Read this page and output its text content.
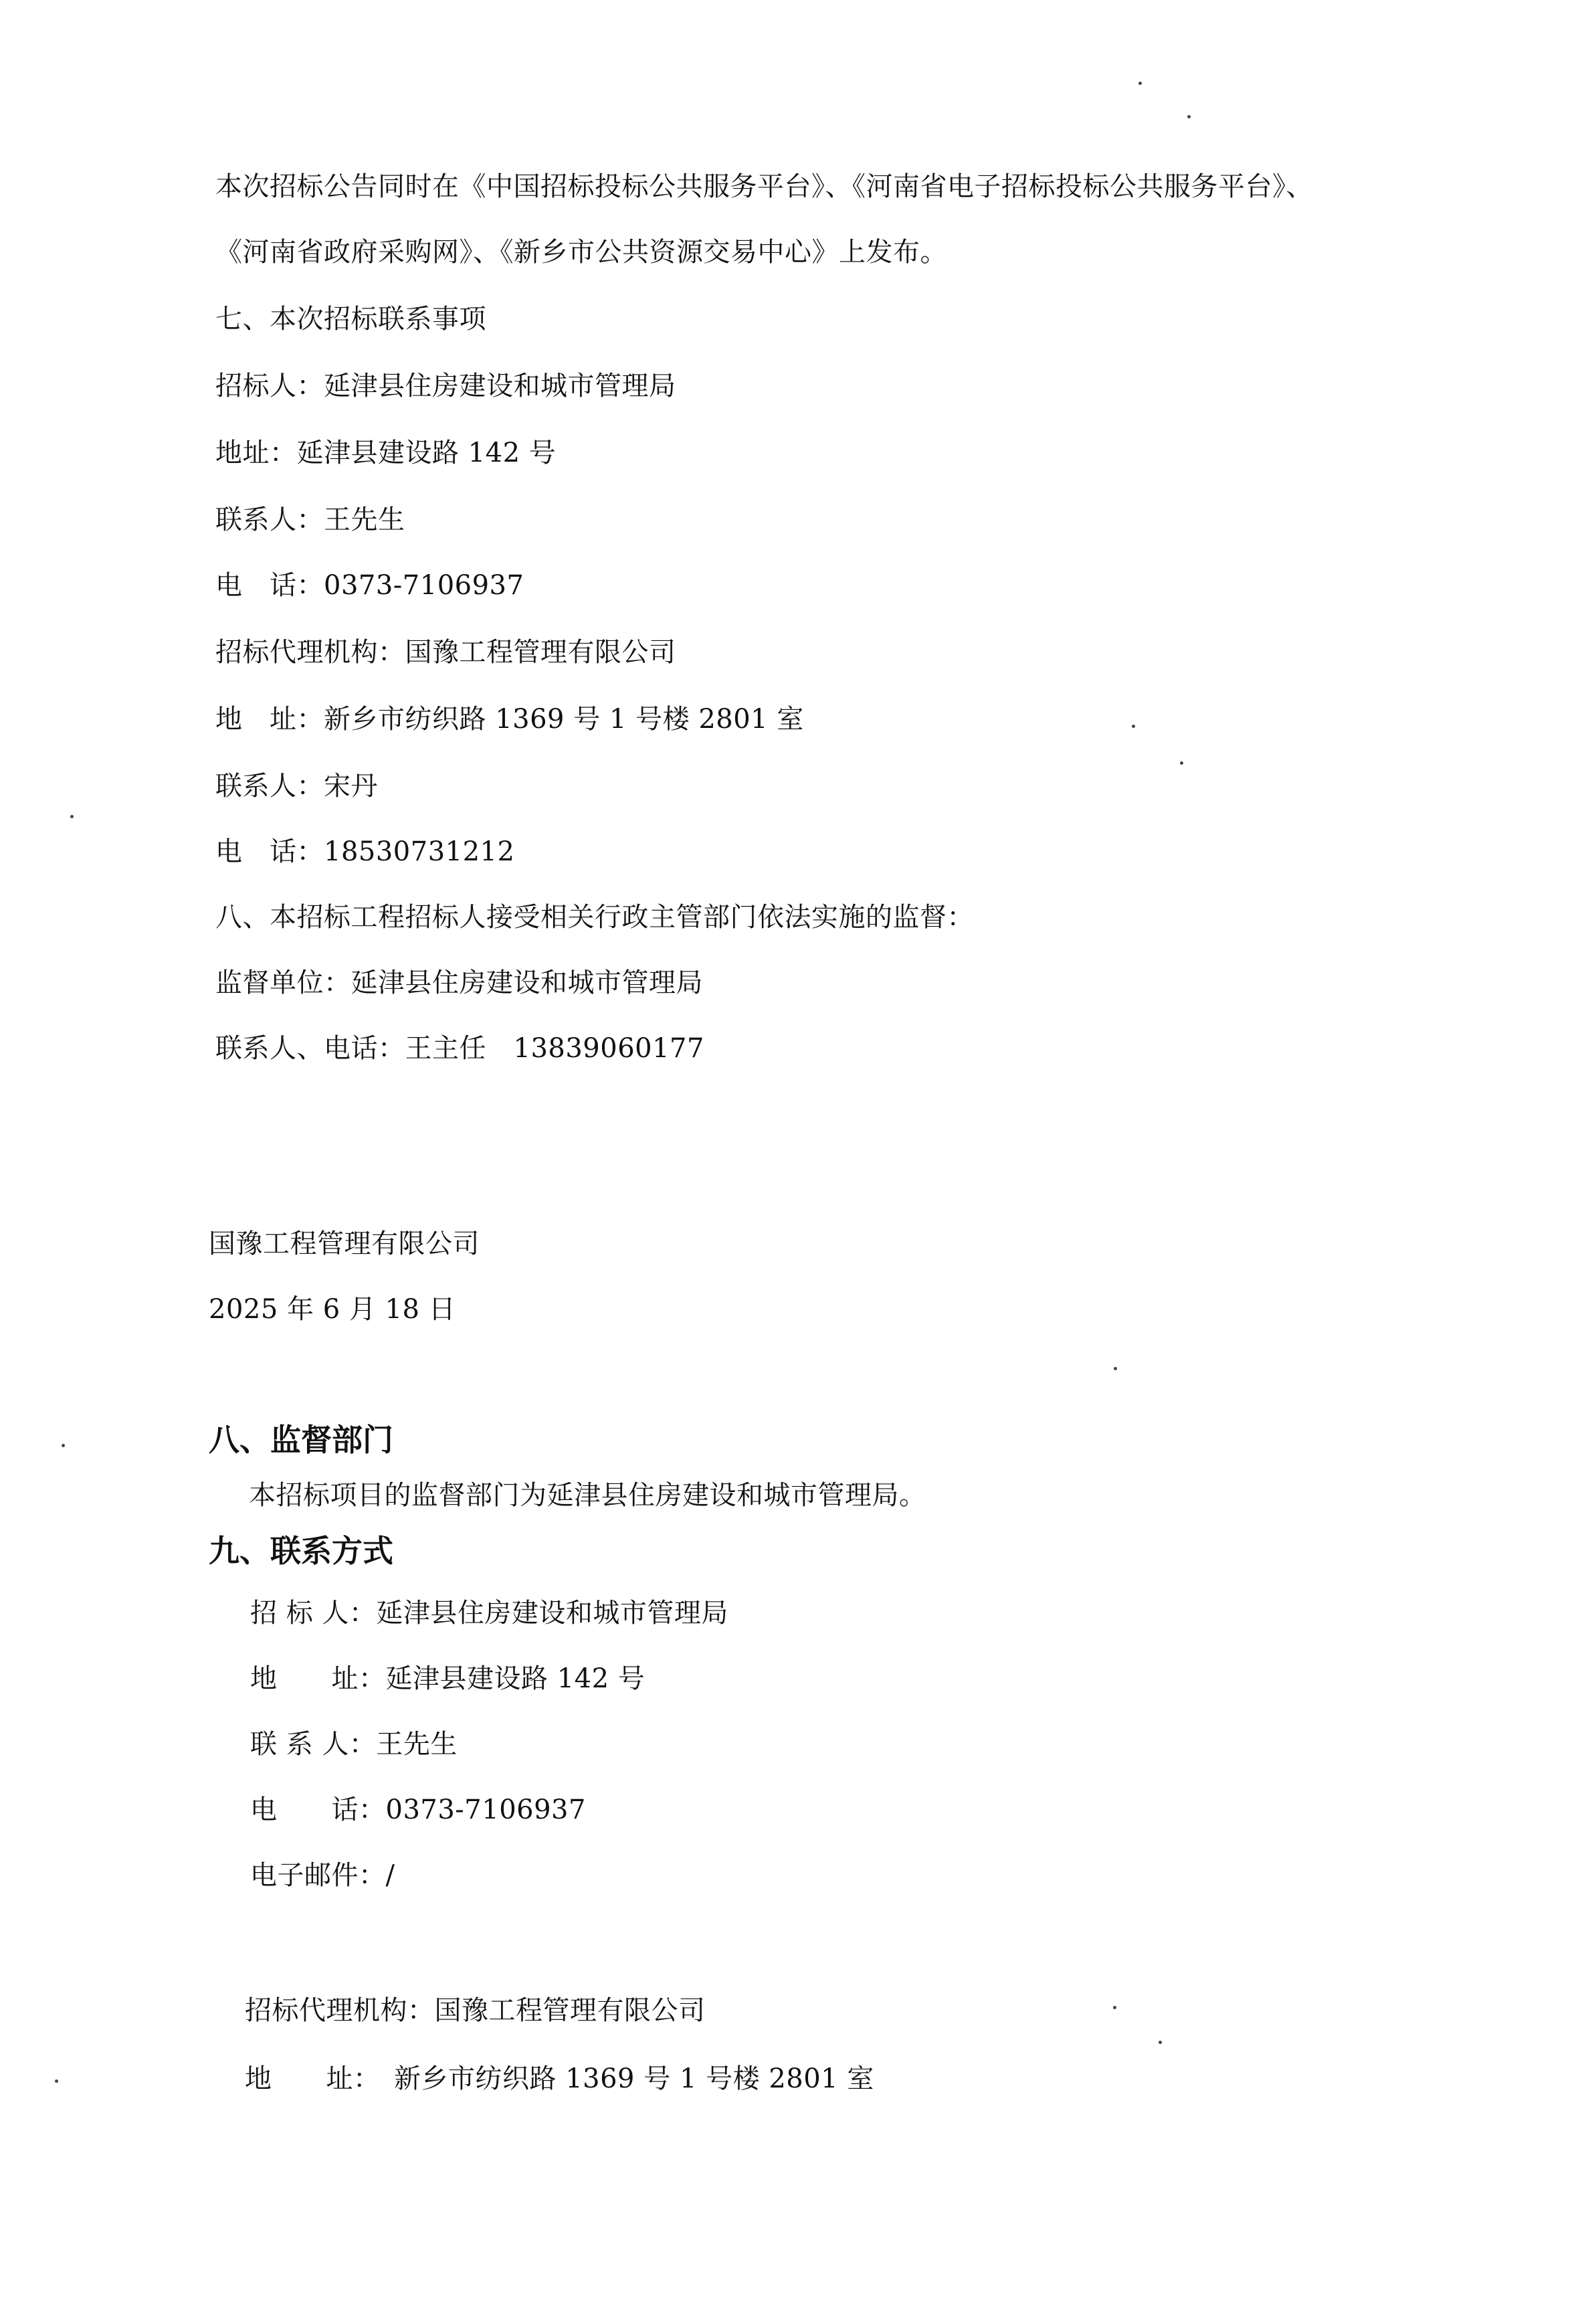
本次招标公告同时在《中国招标投标公共服务平台》、《河南省电子招标投标公共服务平台》、
《河南省政府采购网》、《新乡市公共资源交易中心》上发布。
七、本次招标联系事项
招标人：延津县住房建设和城市管理局
地址：延津县建设路 142 号
联系人：王先生
电　话：0373-7106937
招标代理机构：国豫工程管理有限公司
地　址：新乡市纺织路 1369 号 1 号楼 2801 室
联系人：宋丹
电　话：18530731212
八、本招标工程招标人接受相关行政主管部门依法实施的监督：
监督单位：延津县住房建设和城市管理局
联系人、电话：王主任　13839060177
国豫工程管理有限公司
2025 年 6 月 18 日
八、监督部门
本招标项目的监督部门为延津县住房建设和城市管理局。
九、联系方式
招 标 人：延津县住房建设和城市管理局
地　　址：延津县建设路 142 号
联 系 人：王先生
电　　话：0373-7106937
电子邮件：/
招标代理机构：国豫工程管理有限公司
地　　址：　新乡市纺织路 1369 号 1 号楼 2801 室
